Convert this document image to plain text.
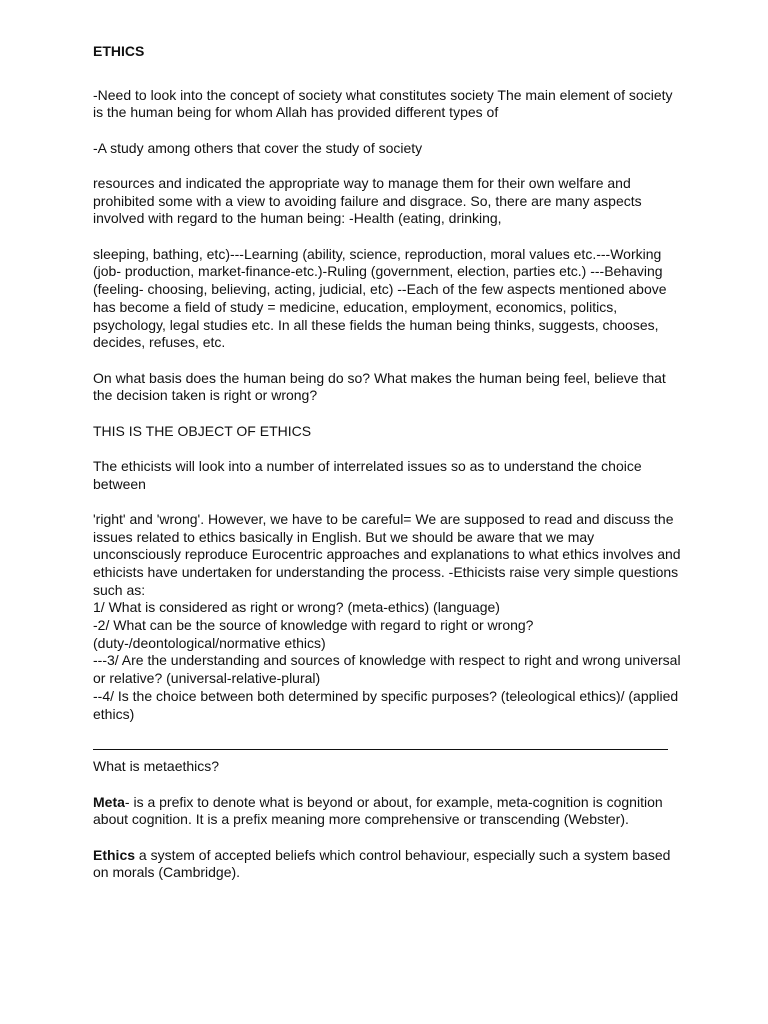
ETHICS

-Need to look into the concept of society what constitutes society The main element of society is the human being for whom Allah has provided different types of

-A study among others that cover the study of society

resources and indicated the appropriate way to manage them for their own welfare and prohibited some with a view to avoiding failure and disgrace. So, there are many aspects involved with regard to the human being: -Health (eating, drinking,

sleeping, bathing, etc)---Learning (ability, science, reproduction, moral values etc.---Working (job- production, market-finance-etc.)-Ruling (government, election, parties etc.) ---Behaving (feeling- choosing, believing, acting, judicial, etc) --Each of the few aspects mentioned above has become a field of study = medicine, education, employment, economics, politics, psychology, legal studies etc. In all these fields the human being thinks, suggests, chooses, decides, refuses, etc.

On what basis does the human being do so? What makes the human being feel, believe that the decision taken is right or wrong?

THIS IS THE OBJECT OF ETHICS

The ethicists will look into a number of interrelated issues so as to understand the choice between

'right' and 'wrong'. However, we have to be careful= We are supposed to read and discuss the issues related to ethics basically in English. But we should be aware that we may unconsciously reproduce Eurocentric approaches and explanations to what ethics involves and ethicists have undertaken for understanding the process. -Ethicists raise very simple questions such as:

1/ What is considered as right or wrong? (meta-ethics) (language)

-2/ What can be the source of knowledge with regard to right or wrong?(duty-/deontological/normative ethics)

---3/ Are the understanding and sources of knowledge with respect to right and wrong universal or relative? (universal-relative-plural)

--4/ Is the choice between both determined by specific purposes? (teleological ethics)/ (applied ethics)

What is metaethics?

Meta- is a prefix to denote what is beyond or about, for example, meta-cognition is cognition about cognition. It is a prefix meaning more comprehensive or transcending (Webster).

Ethics a system of accepted beliefs which control behaviour, especially such a system based on morals (Cambridge).
